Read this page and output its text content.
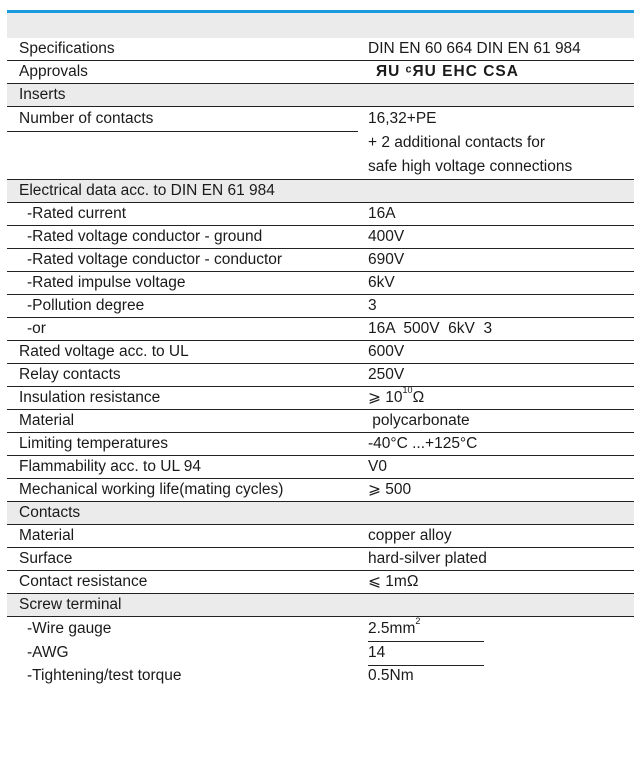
Specifications	DIN EN 60 664 DIN EN 61 984
Approvals	ЯU ᶜЯU EHC CSA
Inserts
Number of contacts	16,32+PE
+ 2 additional contacts for
safe high voltage connections
Electrical data acc. to DIN EN 61 984
-Rated current	16A
-Rated voltage conductor - ground	400V
-Rated voltage conductor - conductor	690V
-Rated impulse voltage	6kV
-Pollution degree	3
-or	16A  500V  6kV  3
Rated voltage acc. to UL	600V
Relay contacts	250V
Insulation resistance	⩾ $10^{10}\Omega$
Material	polycarbonate
Limiting temperatures	-40°C ...+125°C
Flammability acc. to UL 94	V0
Mechanical working life(mating cycles)	⩾ 500
Contacts
Material	copper alloy
Surface	hard-silver plated
Contact resistance	⩽ 1mΩ
Screw terminal
-Wire gauge	$2.5mm^2$
-AWG	14
-Tightening/test torque	0.5Nm
